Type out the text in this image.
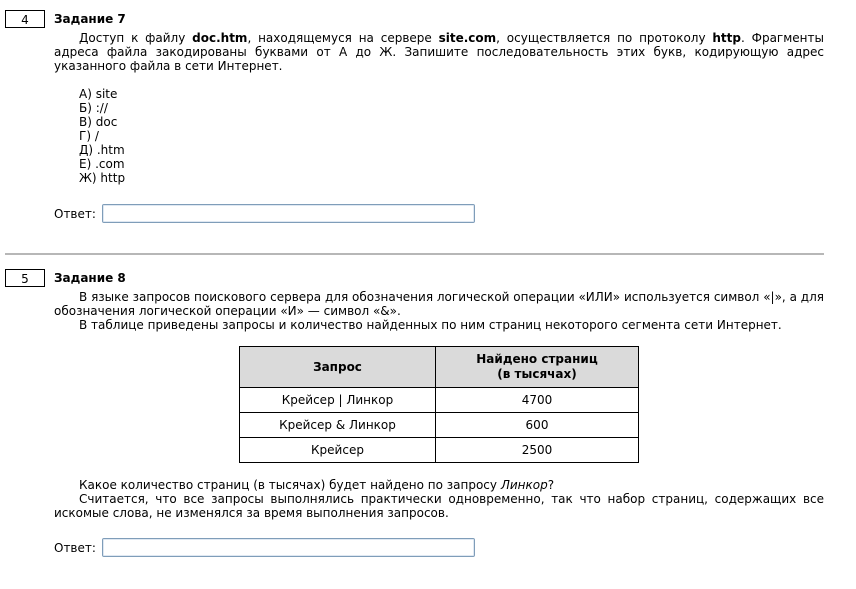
4	Задание 7

Доступ к файлу doc.htm, находящемуся на сервере site.com, осуществляется по протоколу http. Фрагменты адреса файла закодированы буквами от А до Ж. Запишите последовательность этих букв, кодирующую адрес указанного файла в сети Интернет.

А) site
Б) ://
В) doc
Г) /
Д) .htm
Е) .com
Ж) http
Ответ:
5	Задание 8

В языке запросов поискового сервера для обозначения логической операции «ИЛИ» используется символ «|», а для обозначения логической операции «И» — символ «&».

В таблице приведены запросы и количество найденных по ним страниц некоторого сегмента сети Интернет.

Запрос	Найдено страниц
(в тысячах)
Крейсер | Линкор	4700
Крейсер & Линкор	600
Крейсер	2500

Какое количество страниц (в тысячах) будет найдено по запросу Линкор?

Считается, что все запросы выполнялись практически одновременно, так что набор страниц, содержащих все искомые слова, не изменялся за время выполнения запросов.

Ответ:
